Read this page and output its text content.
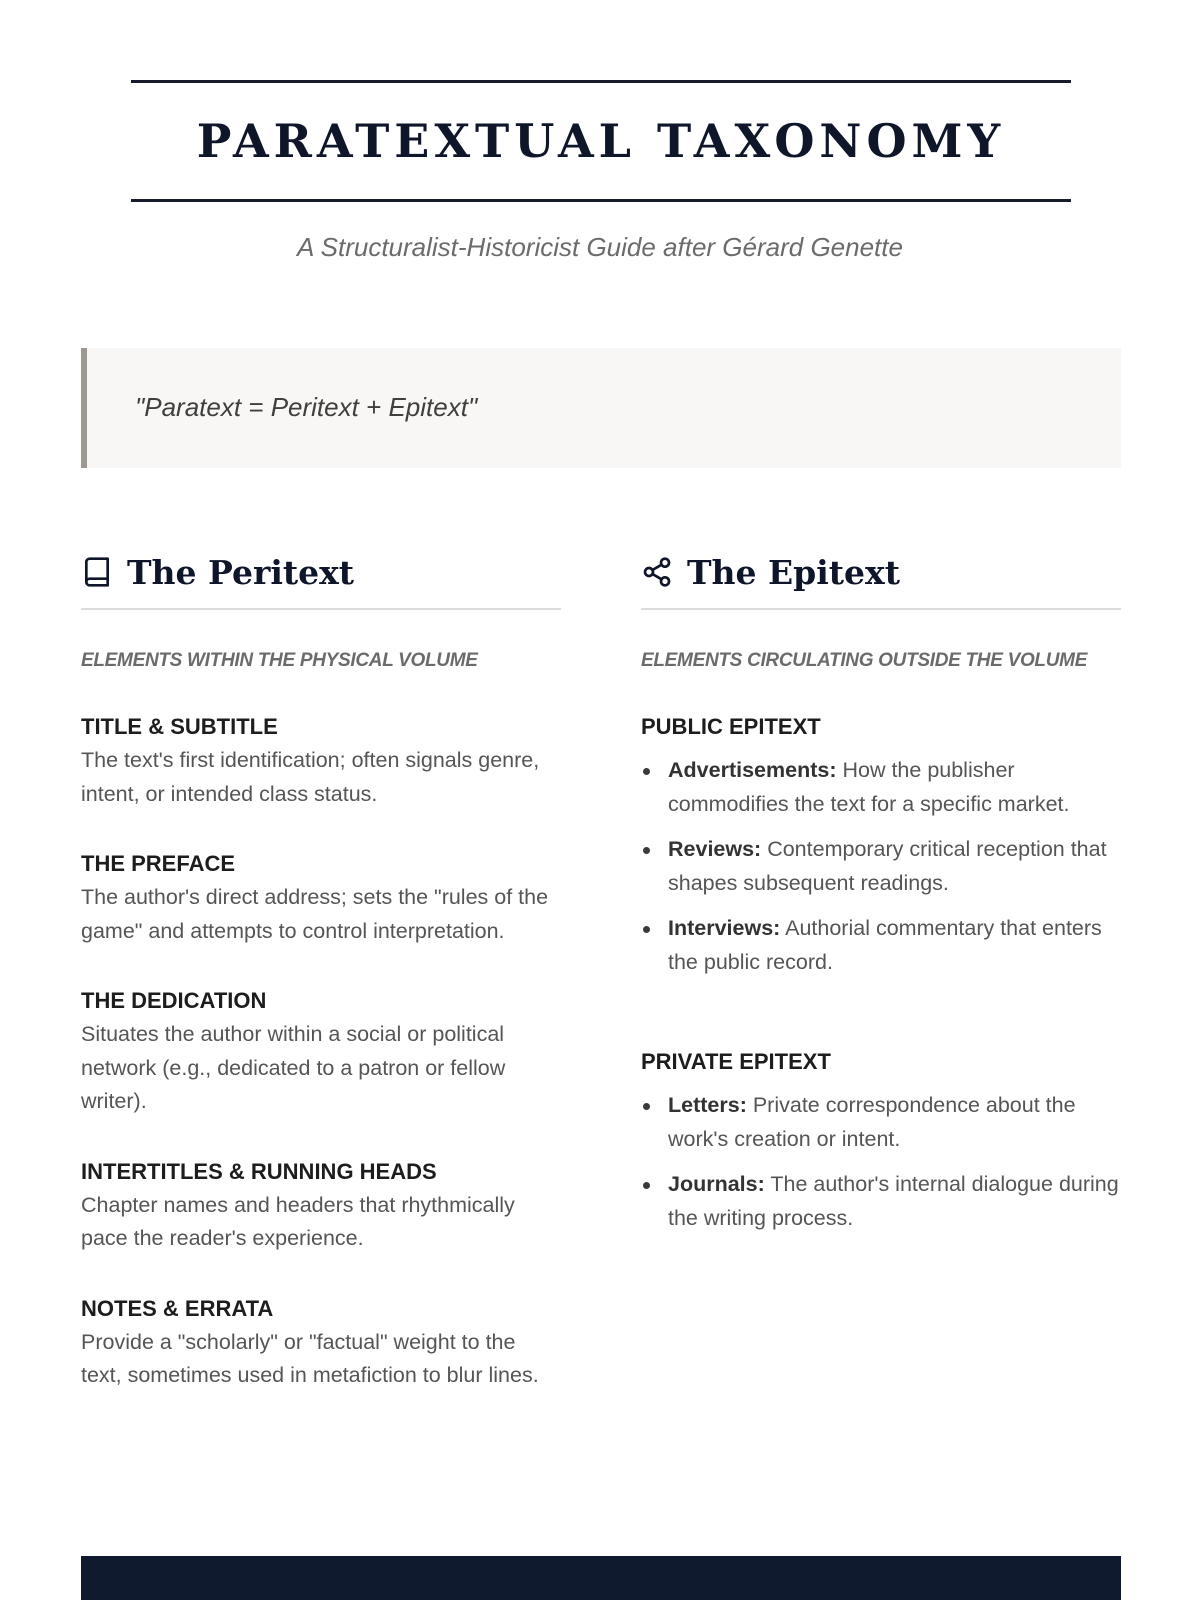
PARATEXTUAL TAXONOMY
A Structuralist-Historicist Guide after Gérard Genette
"Paratext = Peritext + Epitext"
The Peritext
ELEMENTS WITHIN THE PHYSICAL VOLUME
TITLE & SUBTITLE
The text's first identification; often signals genre, intent, or intended class status.
THE PREFACE
The author's direct address; sets the "rules of the game" and attempts to control interpretation.
THE DEDICATION
Situates the author within a social or political network (e.g., dedicated to a patron or fellow writer).
INTERTITLES & RUNNING HEADS
Chapter names and headers that rhythmically pace the reader's experience.
NOTES & ERRATA
Provide a "scholarly" or "factual" weight to the text, sometimes used in metafiction to blur lines.
The Epitext
ELEMENTS CIRCULATING OUTSIDE THE VOLUME
PUBLIC EPITEXT
Advertisements: How the publisher commodifies the text for a specific market.
Reviews: Contemporary critical reception that shapes subsequent readings.
Interviews: Authorial commentary that enters the public record.
PRIVATE EPITEXT
Letters: Private correspondence about the work's creation or intent.
Journals: The author's internal dialogue during the writing process.
